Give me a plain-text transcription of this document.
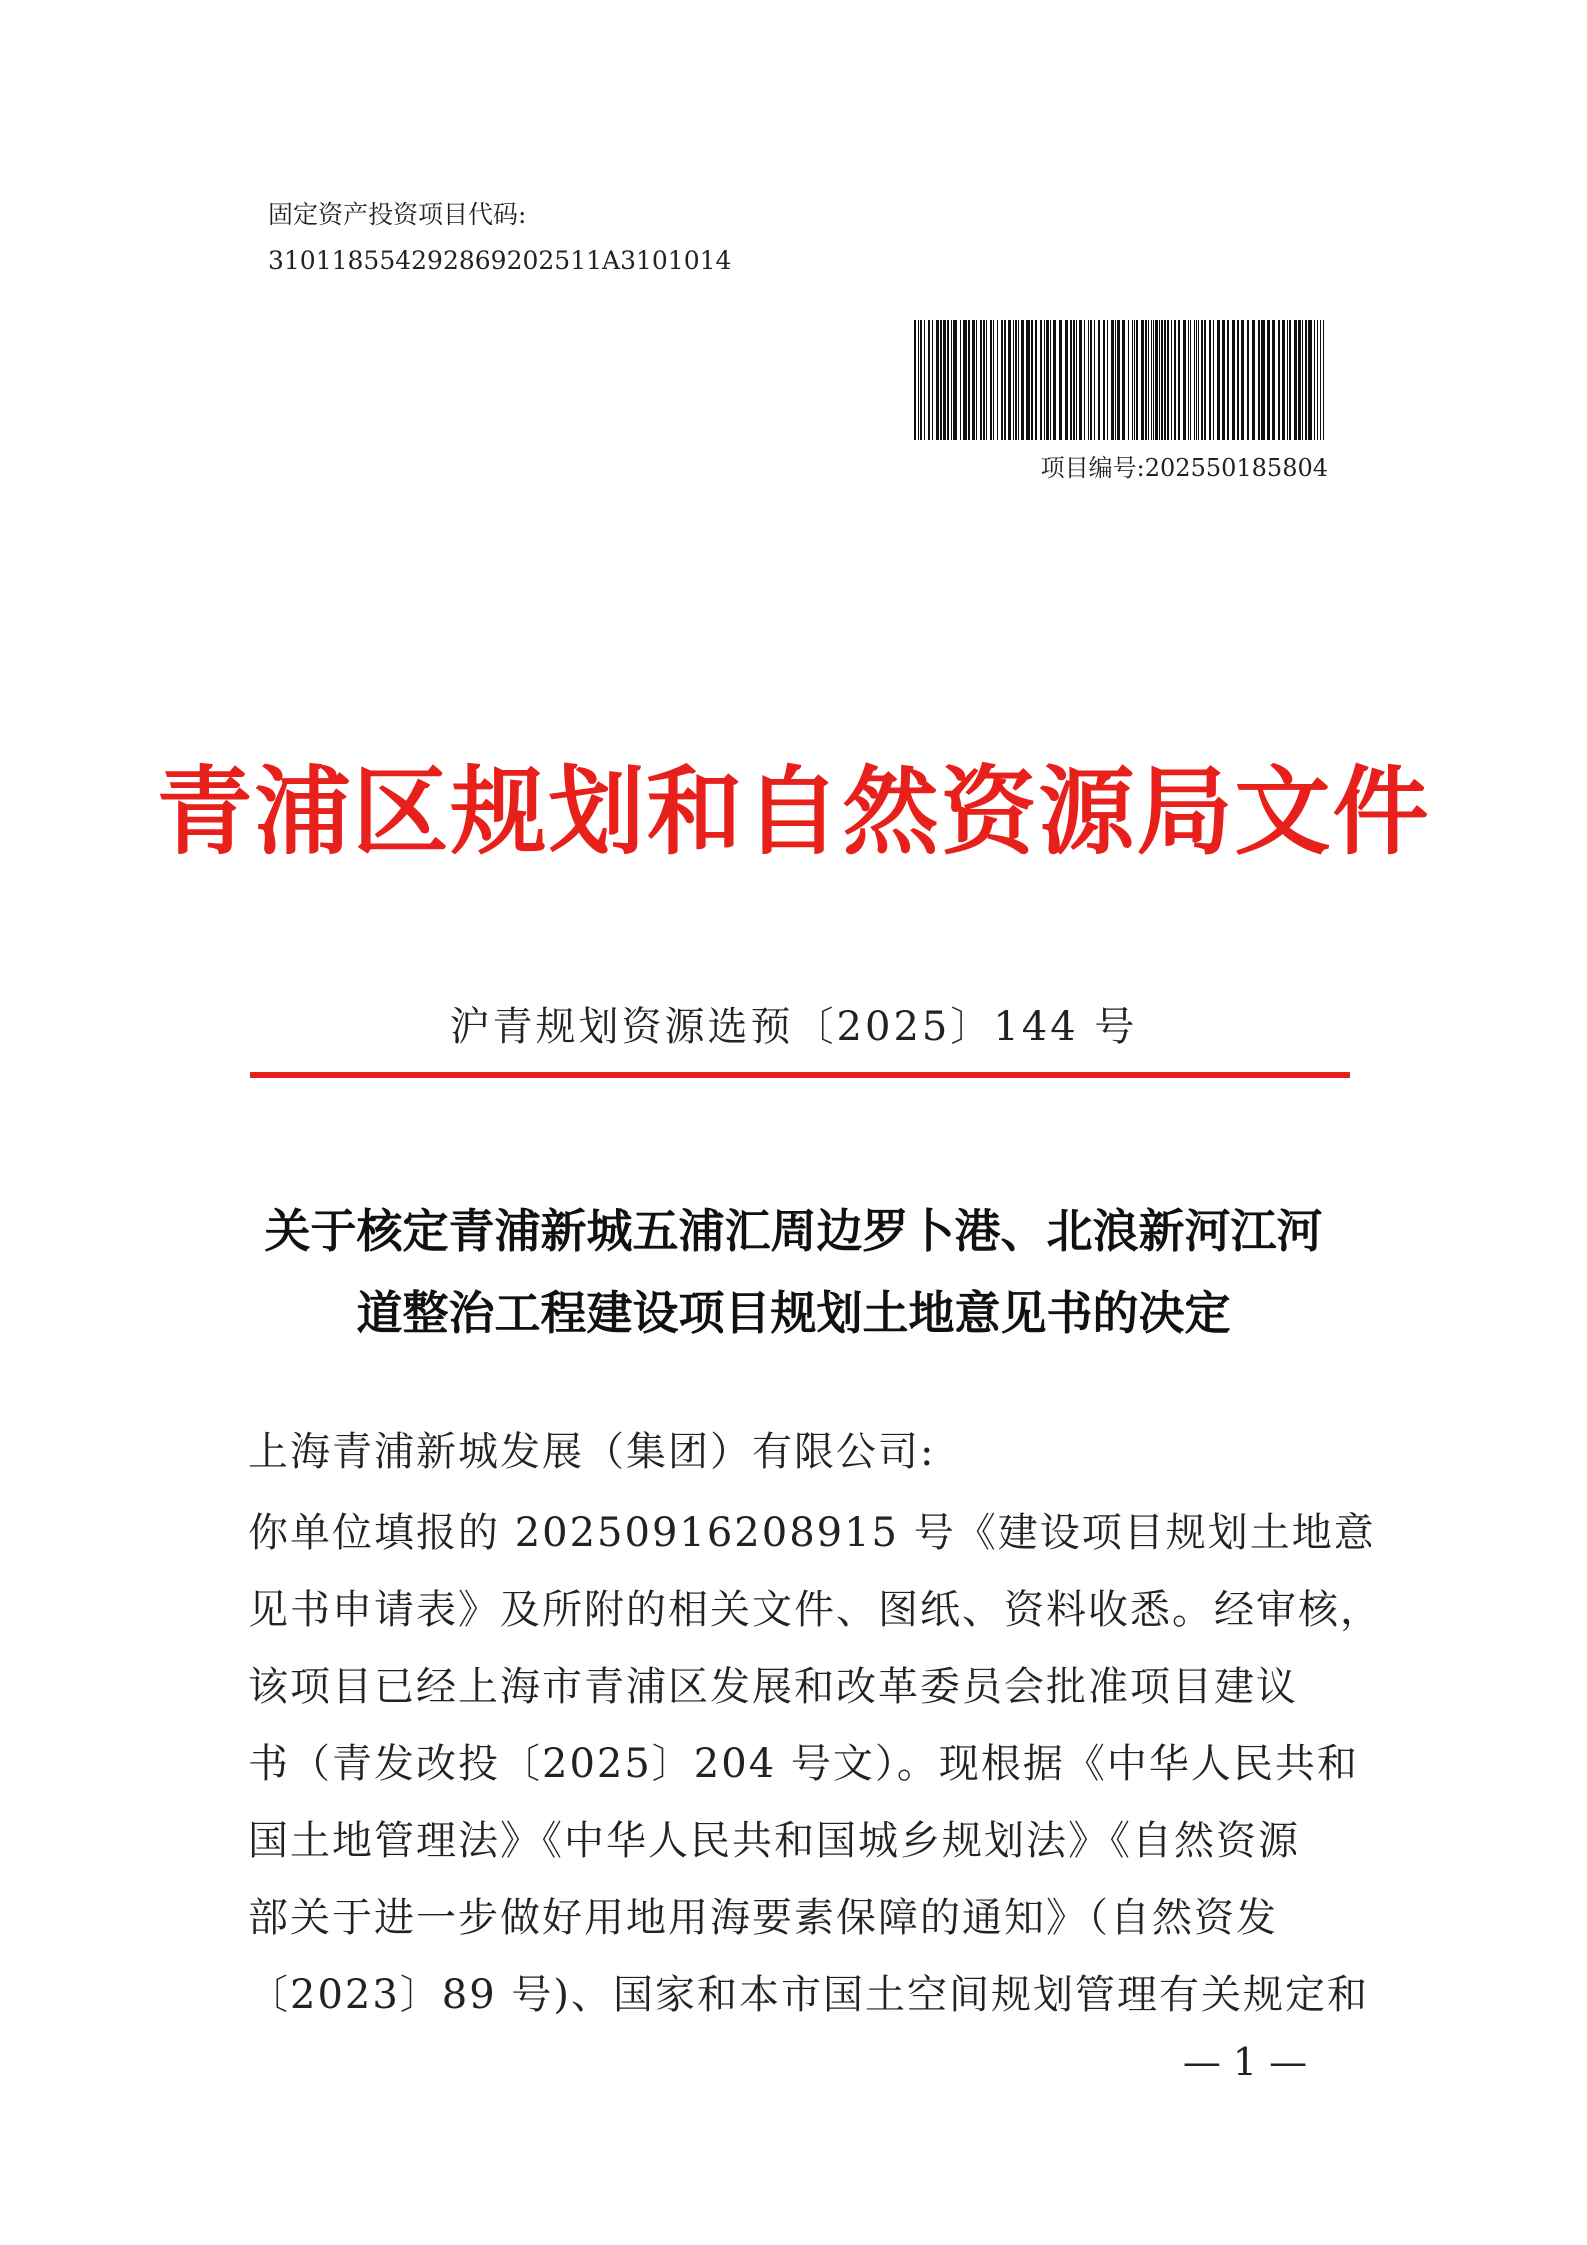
固定资产投资项目代码:
310118554292869202511A3101014
项目编号:202550185804
青浦区规划和自然资源局文件
沪青规划资源选预〔2025〕144 号
关于核定青浦新城五浦汇周边罗卜港、北浪新河江河
道整治工程建设项目规划土地意见书的决定
上海青浦新城发展（集团）有限公司:
你单位填报的 20250916208915 号《建设项目规划土地意
见书申请表》及所附的相关文件、图纸、资料收悉。经审核，
该项目已经上海市青浦区发展和改革委员会批准项目建议
书（青发改投〔2025〕204 号文）。现根据《中华人民共和
国土地管理法》《中华人民共和国城乡规划法》《自然资源
部关于进一步做好用地用海要素保障的通知》（自然资发
〔2023〕89 号)、国家和本市国土空间规划管理有关规定和
— 1 —
